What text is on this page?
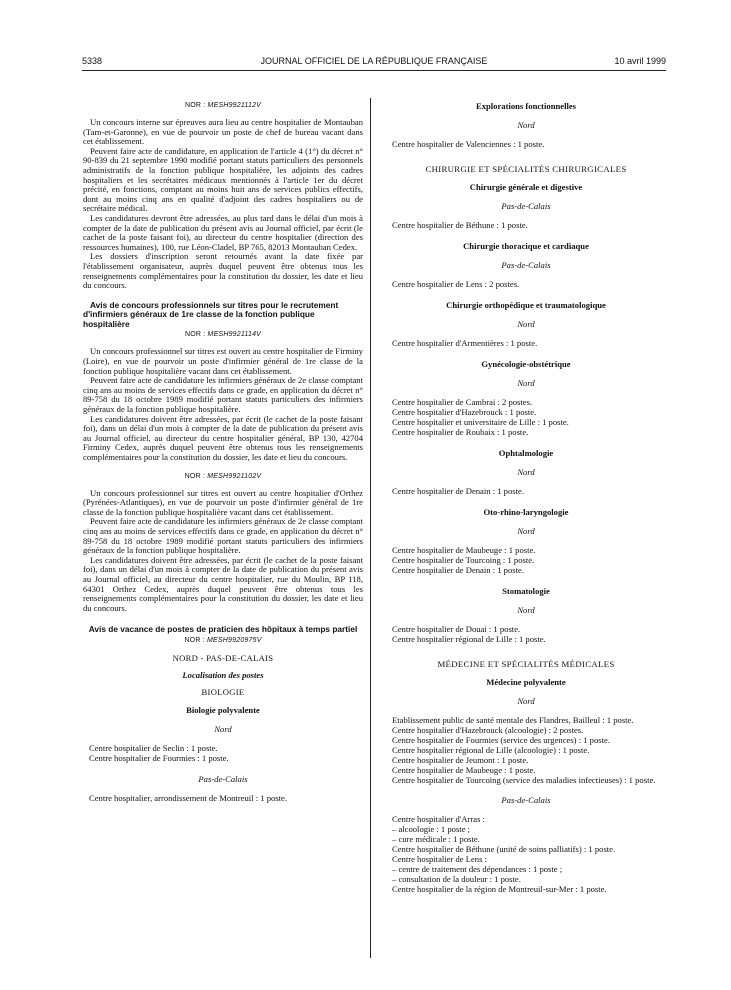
5338	JOURNAL OFFICIEL DE LA RÉPUBLIQUE FRANÇAISE	10 avril 1999
NOR : MESH9921112V

Un concours interne sur épreuves aura lieu au centre hospitalier de Montauban (Tarn-et-Garonne), en vue de pourvoir un poste de chef de bureau vacant dans cet établissement.

Peuvent faire acte de candidature, en application de l'article 4 (1°) du décret n° 90-839 du 21 septembre 1990 modifié portant statuts particuliers des personnels administratifs de la fonction publique hospitalière, les adjoints des cadres hospitaliers et les secrétaires médicaux mentionnés à l'article 1er du décret précité, en fonctions, comptant au moins huit ans de services publics effectifs, dont au moins cinq ans en qualité d'adjoint des cadres hospitaliers ou de secrétaire médical.

Les candidatures devront être adressées, au plus tard dans le délai d'un mois à compter de la date de publication du présent avis au Journal officiel, par écrit (le cachet de la poste faisant foi), au directeur du centre hospitalier (direction des ressources humaines), 100, rue Léon-Cladel, BP 765, 82013 Montauban Cedex.

Les dossiers d'inscription seront retournés avant la date fixée par l'établissement organisateur, auprès duquel peuvent être obtenus tous les renseignements complémentaires pour la constitution du dossier, les date et lieu du concours.

Avis de concours professionnels sur titres pour le recrutement d'infirmiers généraux de 1re classe de la fonction publique hospitalière
NOR : MESH9921114V

Un concours professionnel sur titres est ouvert au centre hospitalier de Firminy (Loire), en vue de pourvoir un poste d'infirmier général de 1re classe de la fonction publique hospitalière vacant dans cet établissement.

Peuvent faire acte de candidature les infirmiers généraux de 2e classe comptant cinq ans au moins de services effectifs dans ce grade, en application du décret n° 89-758 du 18 octobre 1989 modifié portant statuts particuliers des infirmiers généraux de la fonction publique hospitalière.

Les candidatures doivent être adressées, par écrit (le cachet de la poste faisant foi), dans un délai d'un mois à compter de la date de publication du présent avis au Journal officiel, au directeur du centre hospitalier général, BP 130, 42704 Firminy Cedex, auprès duquel peuvent être obtenus tous les renseignements complémentaires pour la constitution du dossier, les date et lieu du concours.

NOR : MESH9921102V

Un concours professionnel sur titres est ouvert au centre hospitalier d'Orthez (Pyrénées-Atlantiques), en vue de pourvoir un poste d'infirmier général de 1re classe de la fonction publique hospitalière vacant dans cet établissement.

Peuvent faire acte de candidature les infirmiers généraux de 2e classe comptant cinq ans au moins de services effectifs dans ce grade, en application du décret n° 89-758 du 18 octobre 1989 modifié portant statuts particuliers des infirmiers généraux de la fonction publique hospitalière.

Les candidatures doivent être adressées, par écrit (le cachet de la poste faisant foi), dans un délai d'un mois à compter de la date de publication du présent avis au Journal officiel, au directeur du centre hospitalier, rue du Moulin, BP 118, 64301 Orthez Cedex, auprès duquel peuvent être obtenus tous les renseignements complémentaires pour la constitution du dossier, les date et lieu du concours.

Avis de vacance de postes de praticien des hôpitaux à temps partiel
NOR : MESH9920975V
NORD - PAS-DE-CALAIS
Localisation des postes
BIOLOGIE
Biologie polyvalente
Nord
Centre hospitalier de Seclin : 1 poste.
Centre hospitalier de Fourmies : 1 poste.
Pas-de-Calais
Centre hospitalier, arrondissement de Montreuil : 1 poste.
Explorations fonctionnelles
Nord
Centre hospitalier de Valenciennes : 1 poste.
CHIRURGIE ET SPÉCIALITÉS CHIRURGICALES
Chirurgie générale et digestive
Pas-de-Calais
Centre hospitalier de Béthune : 1 poste.
Chirurgie thoracique et cardiaque
Pas-de-Calais
Centre hospitalier de Lens : 2 postes.
Chirurgie orthopédique et traumatologique
Nord
Centre hospitalier d'Armentières : 1 poste.
Gynécologie-obstétrique
Nord
Centre hospitalier de Cambrai : 2 postes.
Centre hospitalier d'Hazebrouck : 1 poste.
Centre hospitalier et universitaire de Lille : 1 poste.
Centre hospitalier de Roubaix : 1 poste.
Ophtalmologie
Nord
Centre hospitalier de Denain : 1 poste.
Oto-rhino-laryngologie
Nord
Centre hospitalier de Maubeuge : 1 poste.
Centre hospitalier de Tourcoing : 1 poste.
Centre hospitalier de Denain : 1 poste.
Stomatologie
Nord
Centre hospitalier de Douai : 1 poste.
Centre hospitalier régional de Lille : 1 poste.
MÉDECINE ET SPÉCIALITÉS MÉDICALES
Médecine polyvalente
Nord
Etablissement public de santé mentale des Flandres, Bailleul : 1 poste.
Centre hospitalier d'Hazebrouck (alcoologie) : 2 postes.
Centre hospitalier de Fourmies (service des urgences) : 1 poste.
Centre hospitalier régional de Lille (alcoologie) : 1 poste.
Centre hospitalier de Jeumont : 1 poste.
Centre hospitalier de Maubeuge : 1 poste.
Centre hospitalier de Tourcoing (service des maladies infectieuses) : 1 poste.
Pas-de-Calais
Centre hospitalier d'Arras :
– alcoologie : 1 poste ;
– cure médicale : 1 poste.
Centre hospitalier de Béthune (unité de soins palliatifs) : 1 poste.
Centre hospitalier de Lens :
– centre de traitement des dépendances : 1 poste ;
– consultation de la douleur : 1 poste.
Centre hospitalier de la région de Montreuil-sur-Mer : 1 poste.
